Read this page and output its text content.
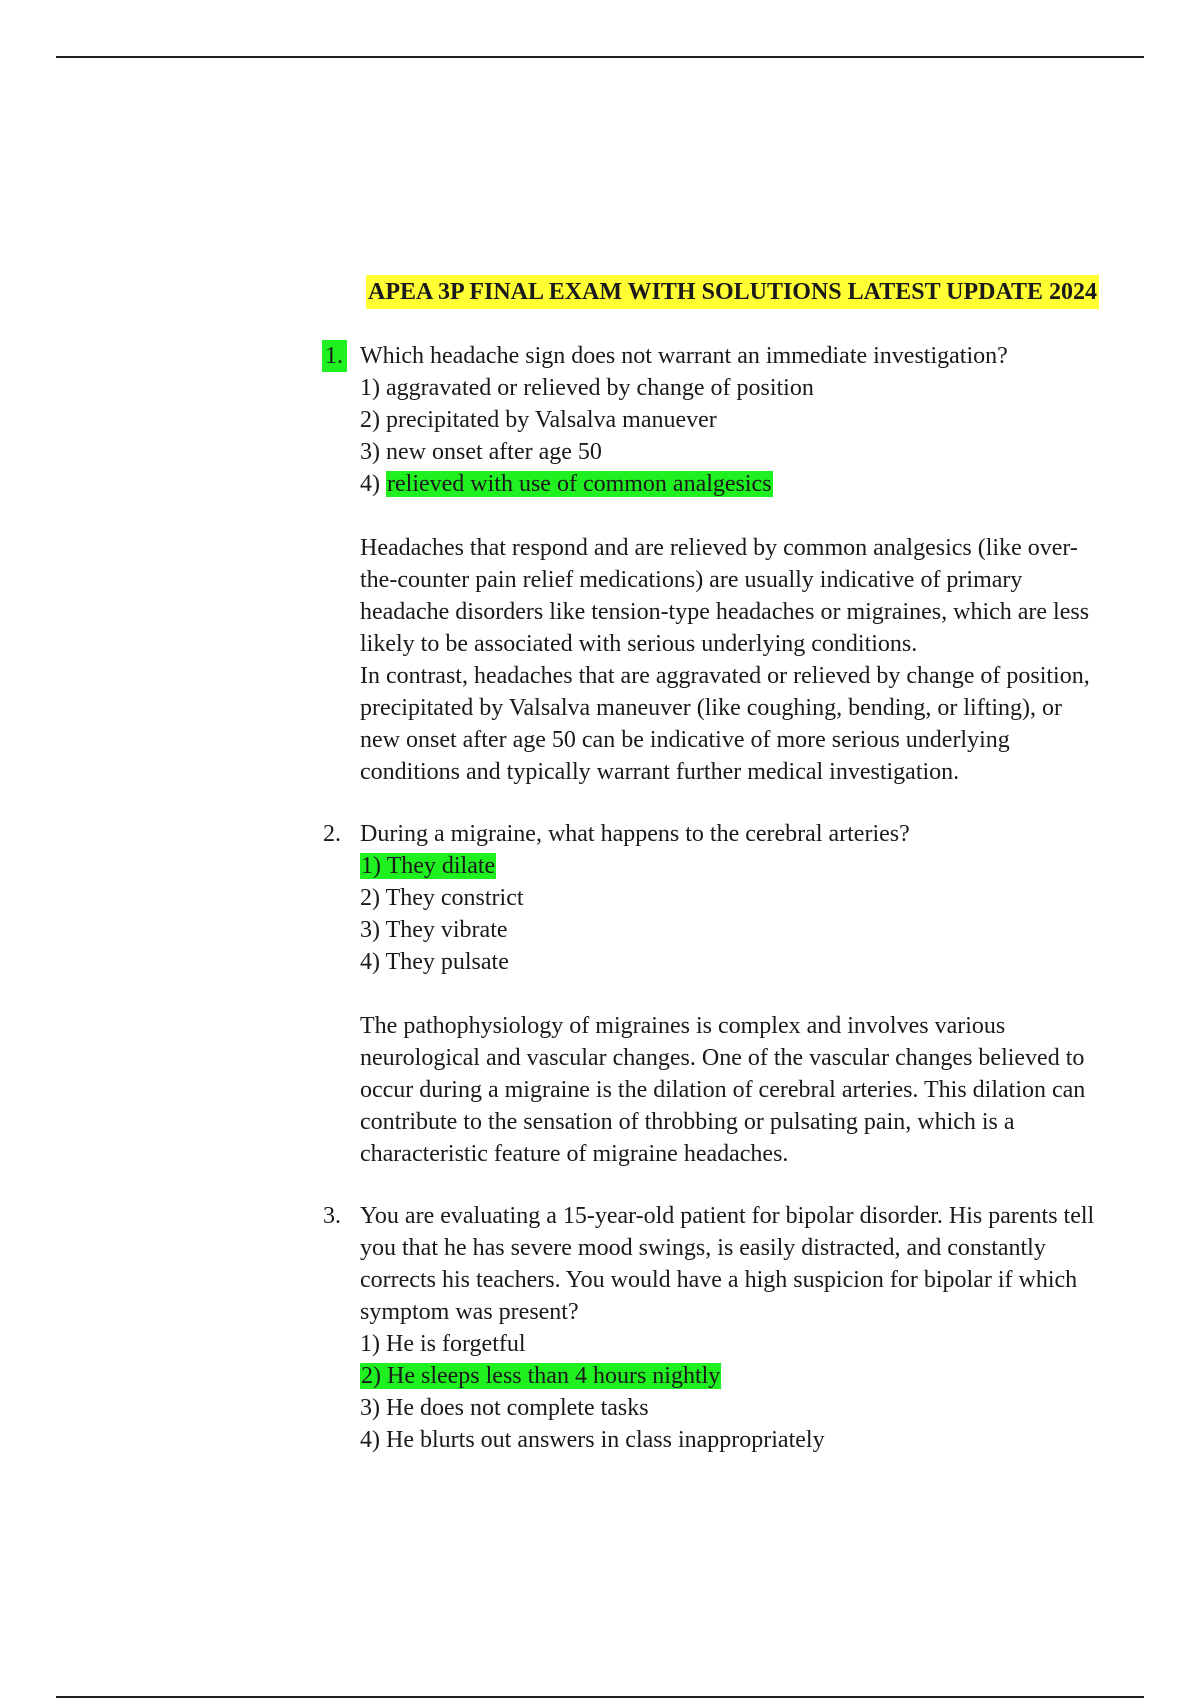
APEA 3P FINAL EXAM WITH SOLUTIONS LATEST UPDATE 2024
1. Which headache sign does not warrant an immediate investigation?
1) aggravated or relieved by change of position
2) precipitated by Valsalva manuever
3) new onset after age 50
4) relieved with use of common analgesics
Headaches that respond and are relieved by common analgesics (like over-
the-counter pain relief medications) are usually indicative of primary
headache disorders like tension-type headaches or migraines, which are less
likely to be associated with serious underlying conditions.
In contrast, headaches that are aggravated or relieved by change of position,
precipitated by Valsalva maneuver (like coughing, bending, or lifting), or
new onset after age 50 can be indicative of more serious underlying
conditions and typically warrant further medical investigation.
2. During a migraine, what happens to the cerebral arteries?
1) They dilate
2) They constrict
3) They vibrate
4) They pulsate
The pathophysiology of migraines is complex and involves various
neurological and vascular changes. One of the vascular changes believed to
occur during a migraine is the dilation of cerebral arteries. This dilation can
contribute to the sensation of throbbing or pulsating pain, which is a
characteristic feature of migraine headaches.
3. You are evaluating a 15-year-old patient for bipolar disorder. His parents tell
you that he has severe mood swings, is easily distracted, and constantly
corrects his teachers. You would have a high suspicion for bipolar if which
symptom was present?
1) He is forgetful
2) He sleeps less than 4 hours nightly
3) He does not complete tasks
4) He blurts out answers in class inappropriately
